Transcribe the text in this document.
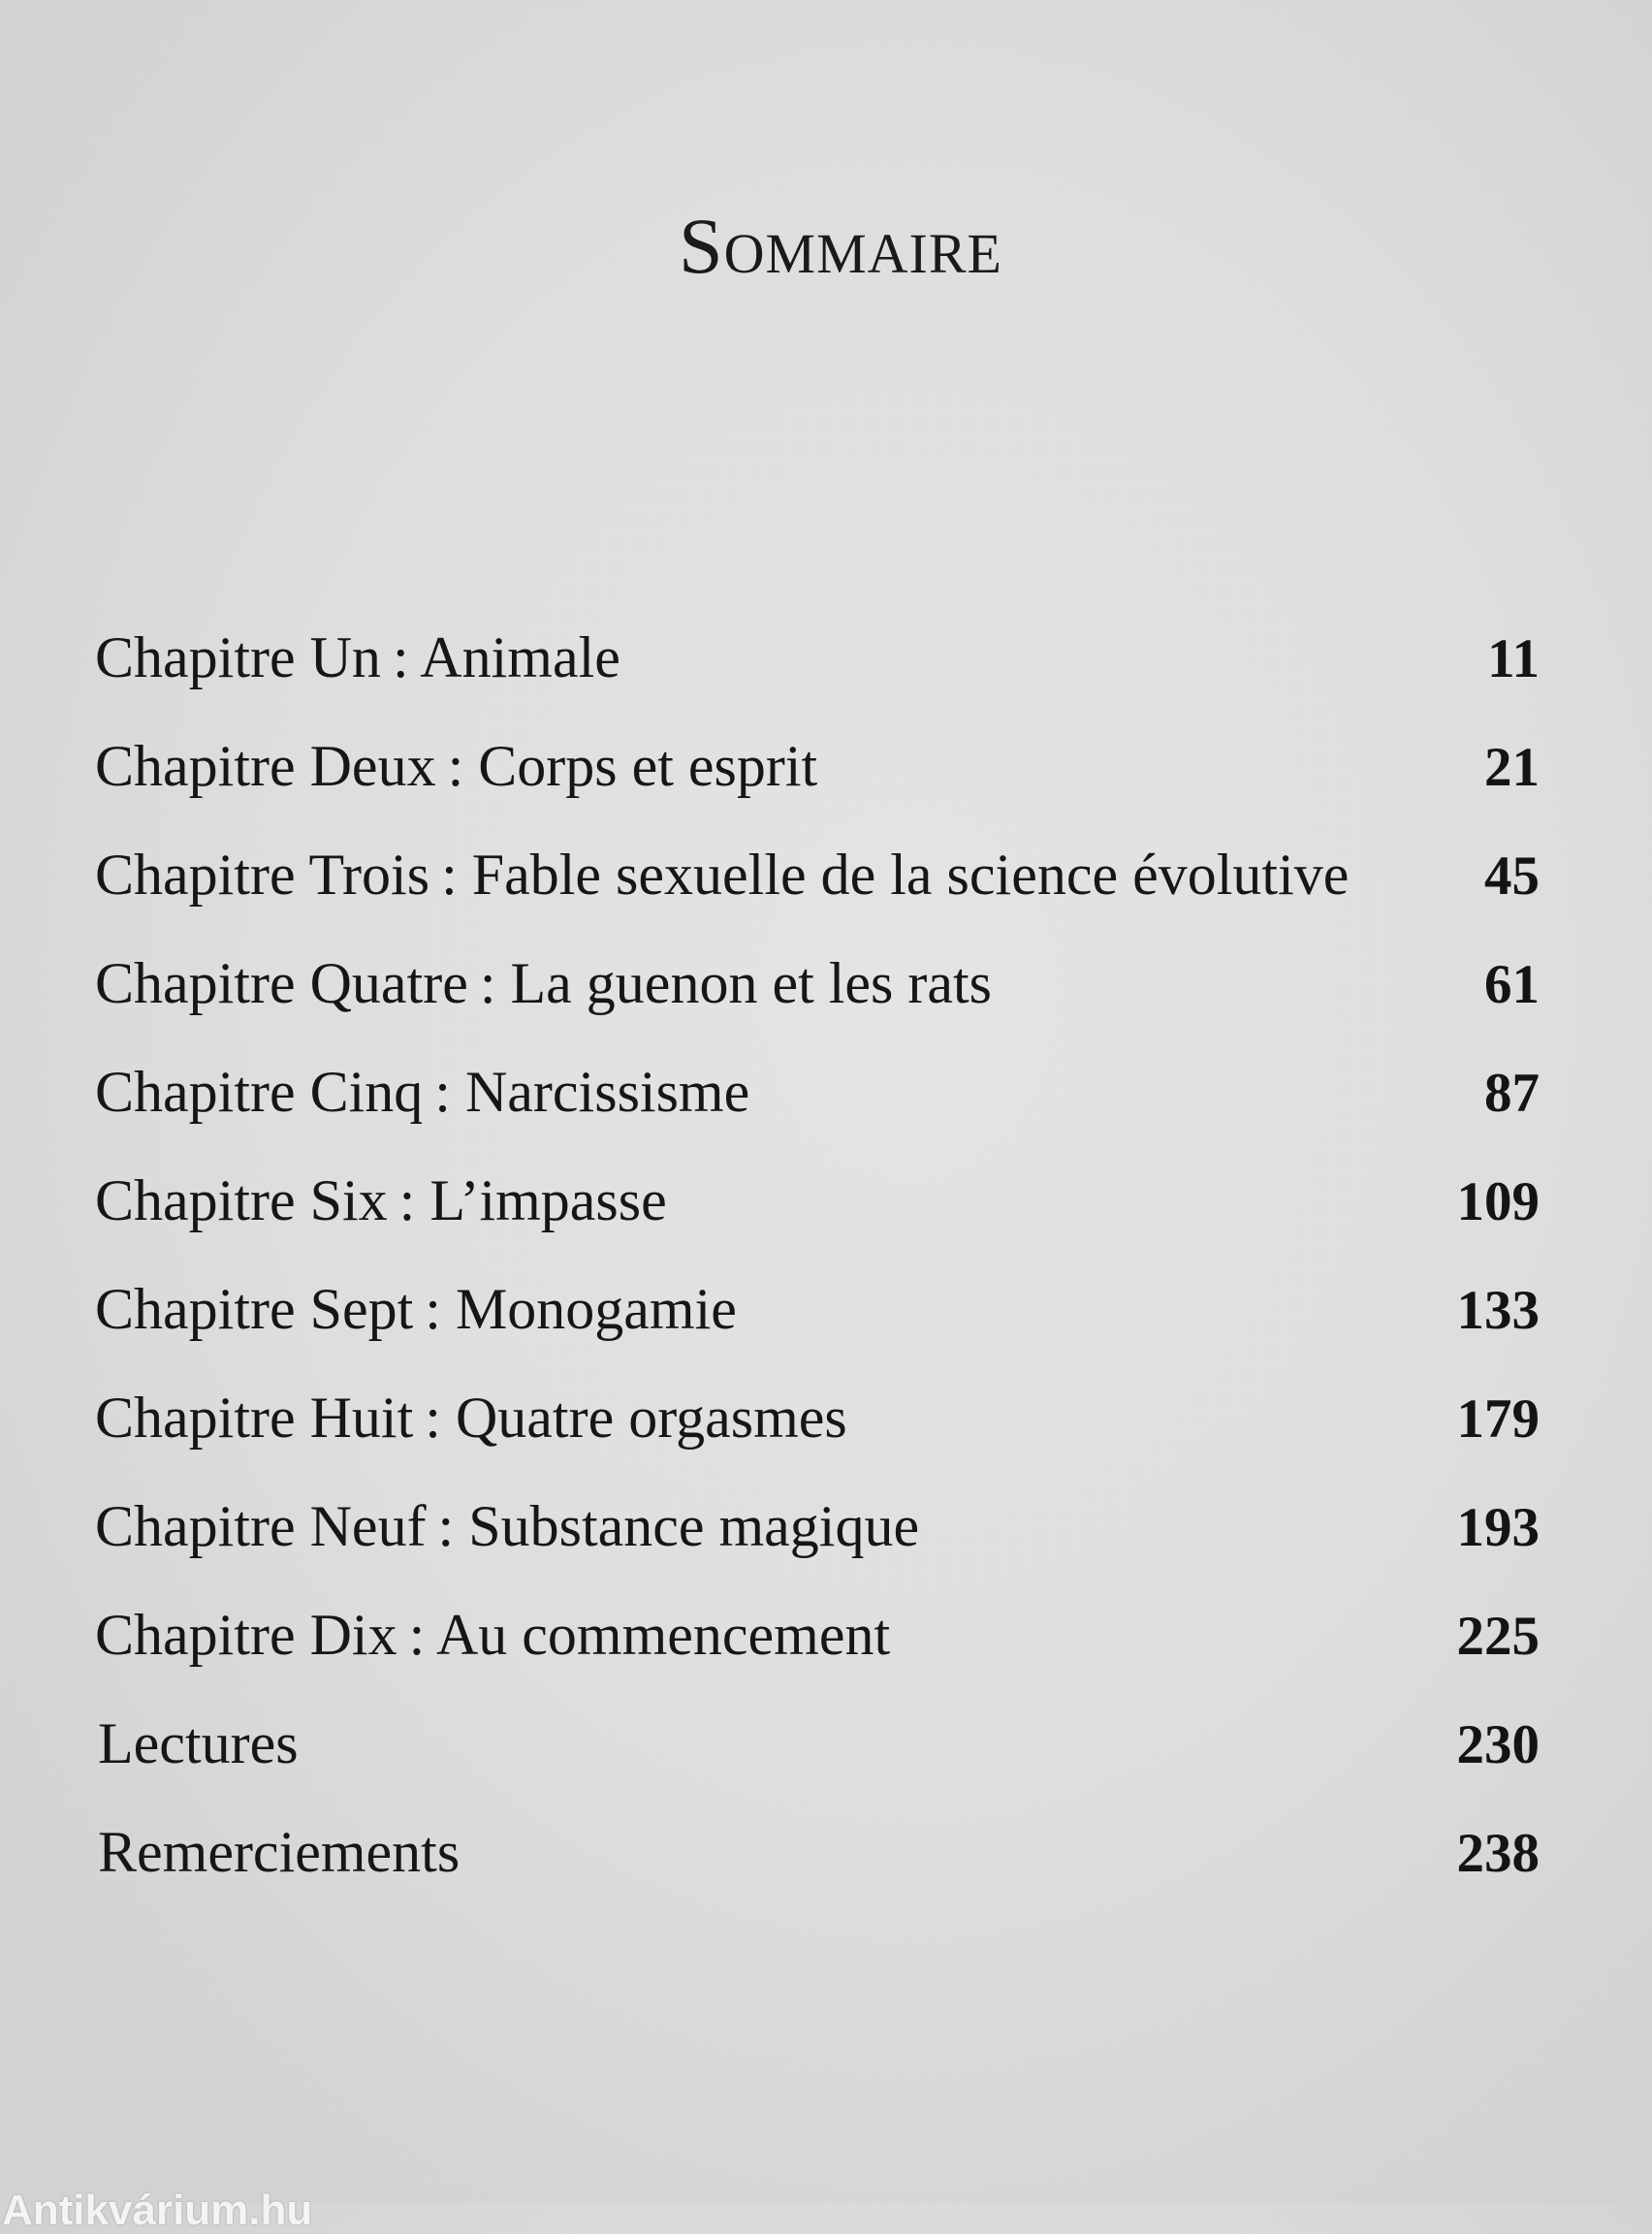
SOMMAIRE
Chapitre Un : Animale	11
Chapitre Deux : Corps et esprit	21
Chapitre Trois : Fable sexuelle de la science évolutive 45
Chapitre Quatre : La guenon et les rats	61
Chapitre Cinq : Narcissisme	87
Chapitre Six : L’impasse	109
Chapitre Sept : Monogamie	133
Chapitre Huit : Quatre orgasmes	179
Chapitre Neuf : Substance magique	193
Chapitre Dix : Au commencement	225
Lectures	230
Remerciements	238
Antikvárium.hu
